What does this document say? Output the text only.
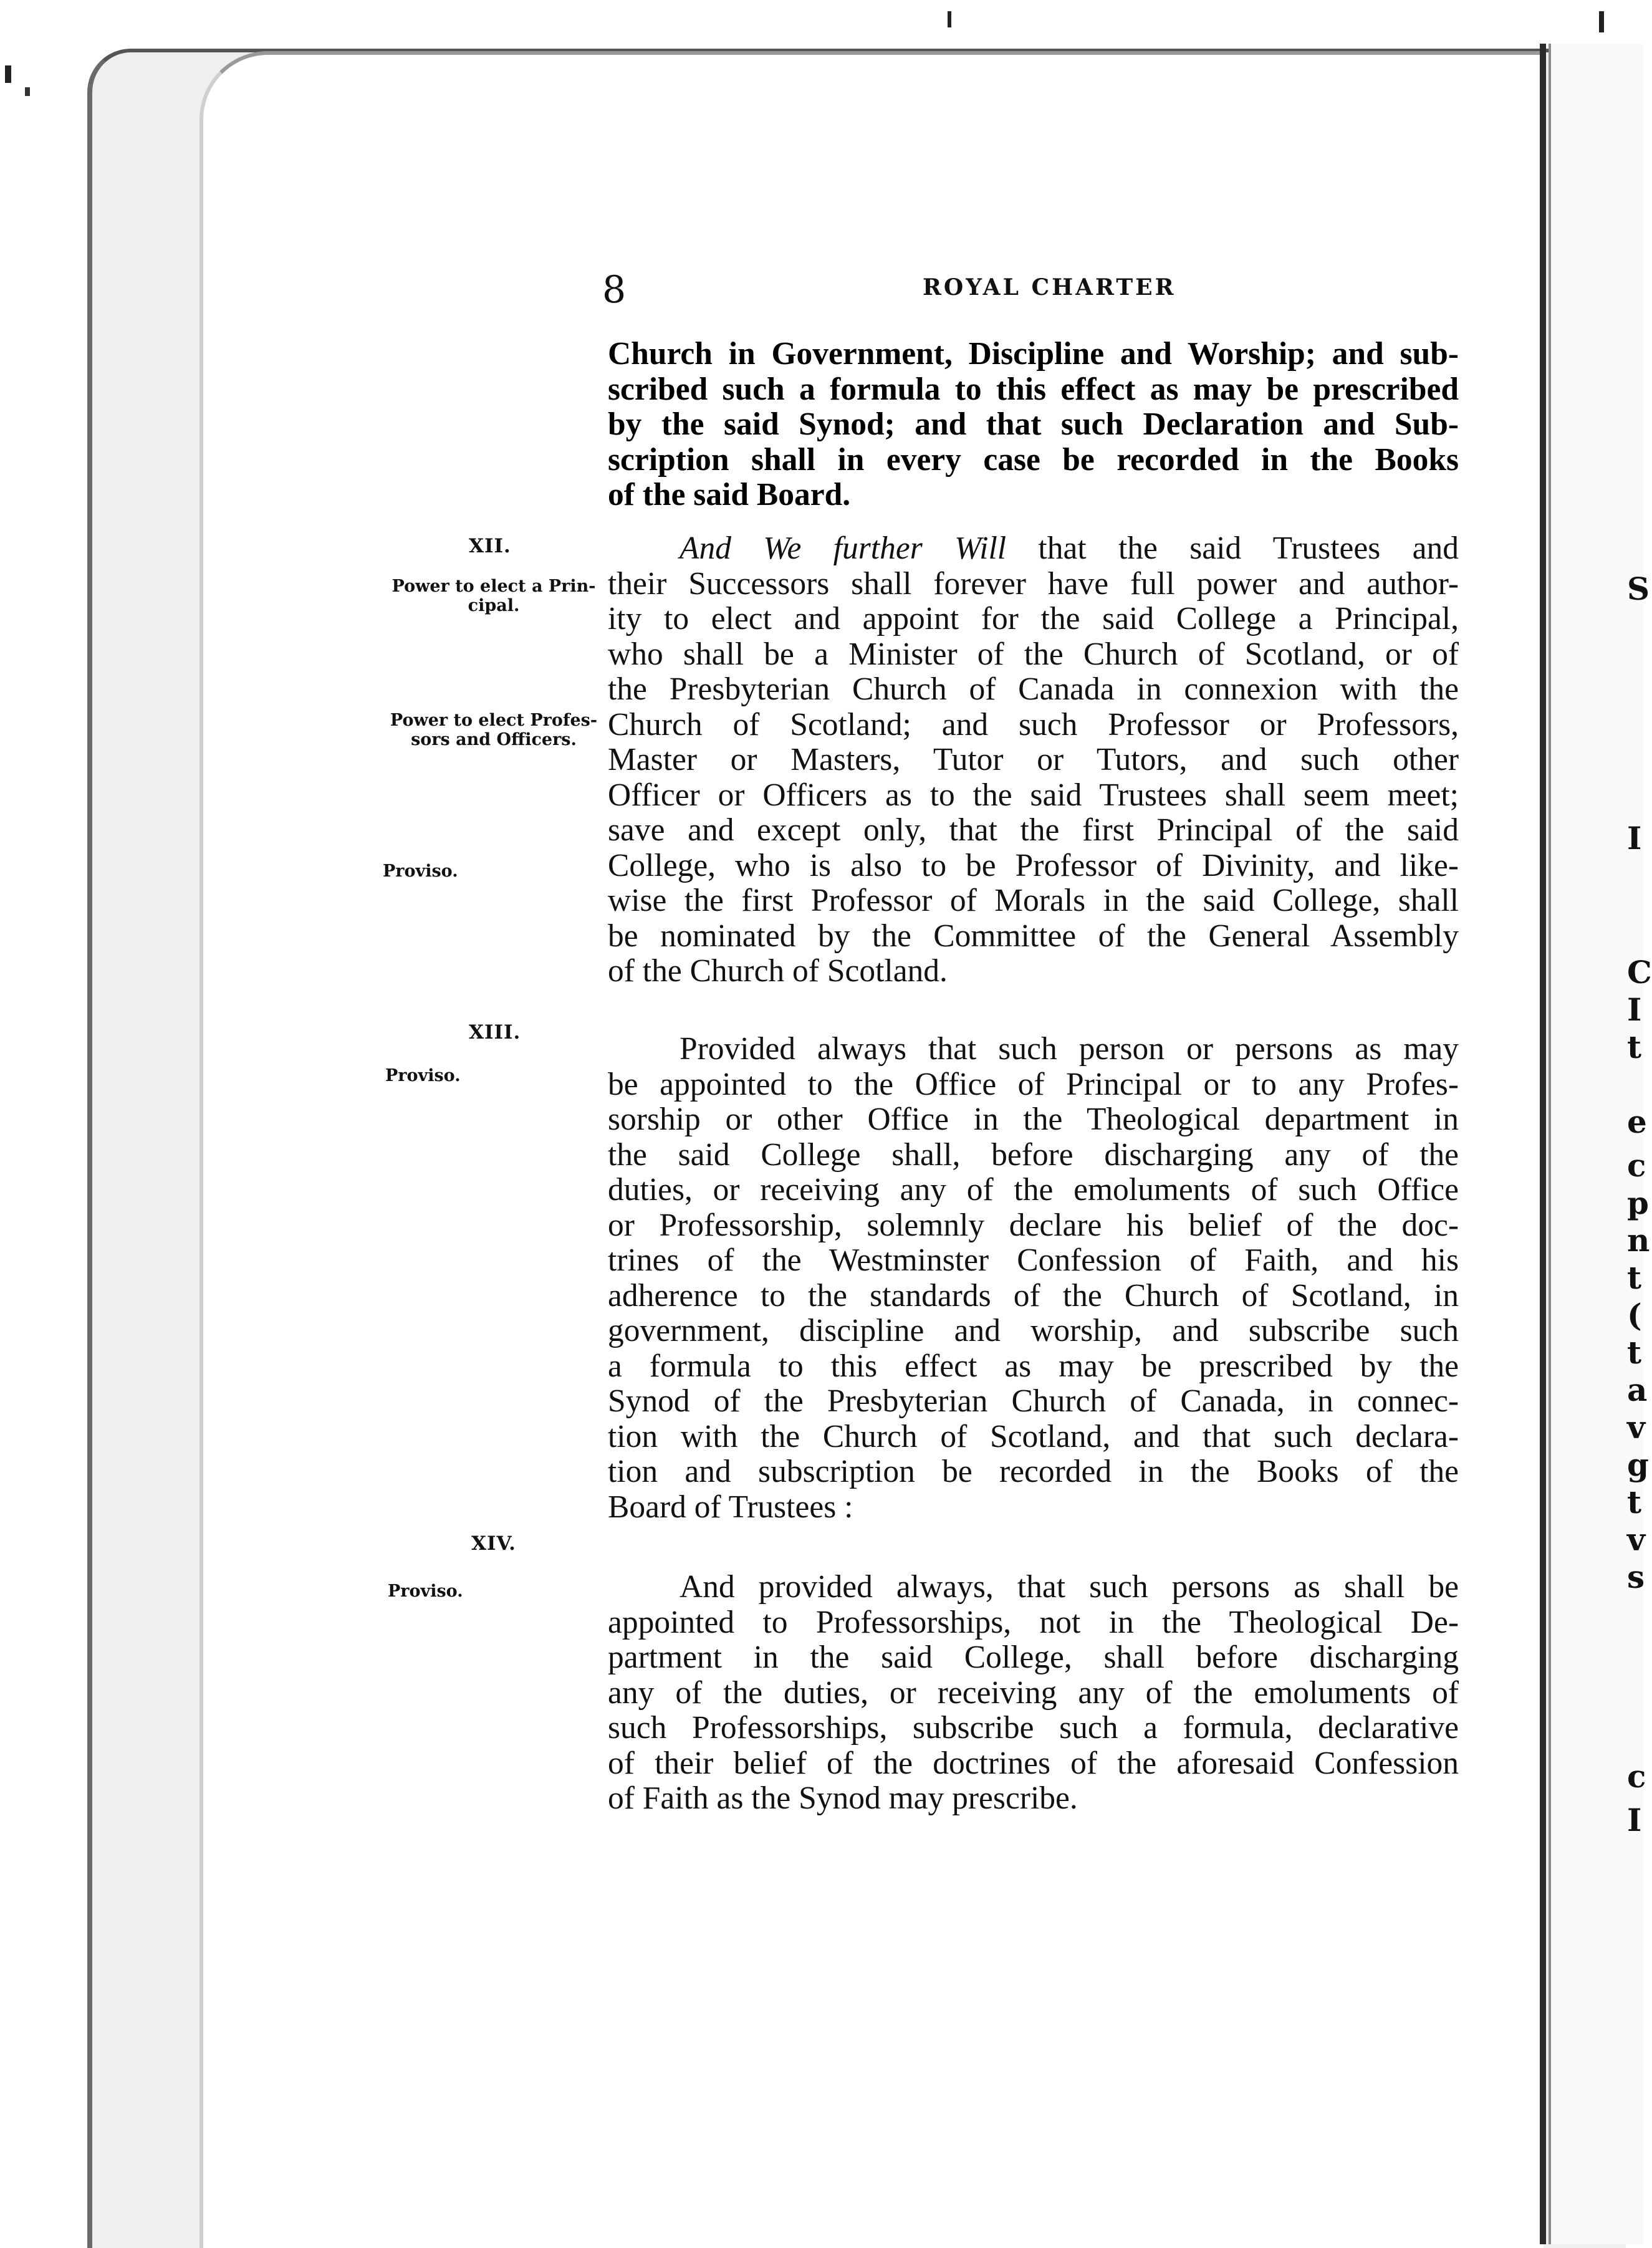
S
I
C
I
t
e
c
p
n
t
(
t
a
v
g
t
v
s
c
I
8	ROYAL CHARTER
Church in Government, Discipline and Worship; and sub-
scribed such a formula to this effect as may be prescribed
by the said Synod; and that such Declaration and Sub-
scription shall in every case be recorded in the Books
of the said Board.
And We further Will that the said Trustees and
their Successors shall forever have full power and author-
ity to elect and appoint for the said College a Principal,
who shall be a Minister of the Church of Scotland, or of
the Presbyterian Church of Canada in connexion with the
Church of Scotland; and such Professor or Professors,
Master or Masters, Tutor or Tutors, and such other
Officer or Officers as to the said Trustees shall seem meet;
save and except only, that the first Principal of the said
College, who is also to be Professor of Divinity, and like-
wise the first Professor of Morals in the said College, shall
be nominated by the Committee of the General Assembly
of the Church of Scotland.
Provided always that such person or persons as may
be appointed to the Office of Principal or to any Profes-
sorship or other Office in the Theological department in
the said College shall, before discharging any of the
duties, or receiving any of the emoluments of such Office
or Professorship, solemnly declare his belief of the doc-
trines of the Westminster Confession of Faith, and his
adherence to the standards of the Church of Scotland, in
government, discipline and worship, and subscribe such
a formula to this effect as may be prescribed by the
Synod of the Presbyterian Church of Canada, in connec-
tion with the Church of Scotland, and that such declara-
tion and subscription be recorded in the Books of the
Board of Trustees :
And provided always, that such persons as shall be
appointed to Professorships, not in the Theological De-
partment in the said College, shall before discharging
any of the duties, or receiving any of the emoluments of
such Professorships, subscribe such a formula, declarative
of their belief of the doctrines of the aforesaid Confession
of Faith as the Synod may prescribe.
XII.
Power to elect a Prin-
cipal.
Power to elect Profes-
sors and Officers.
Proviso.
XIII.
Proviso.
XIV.
Proviso.
